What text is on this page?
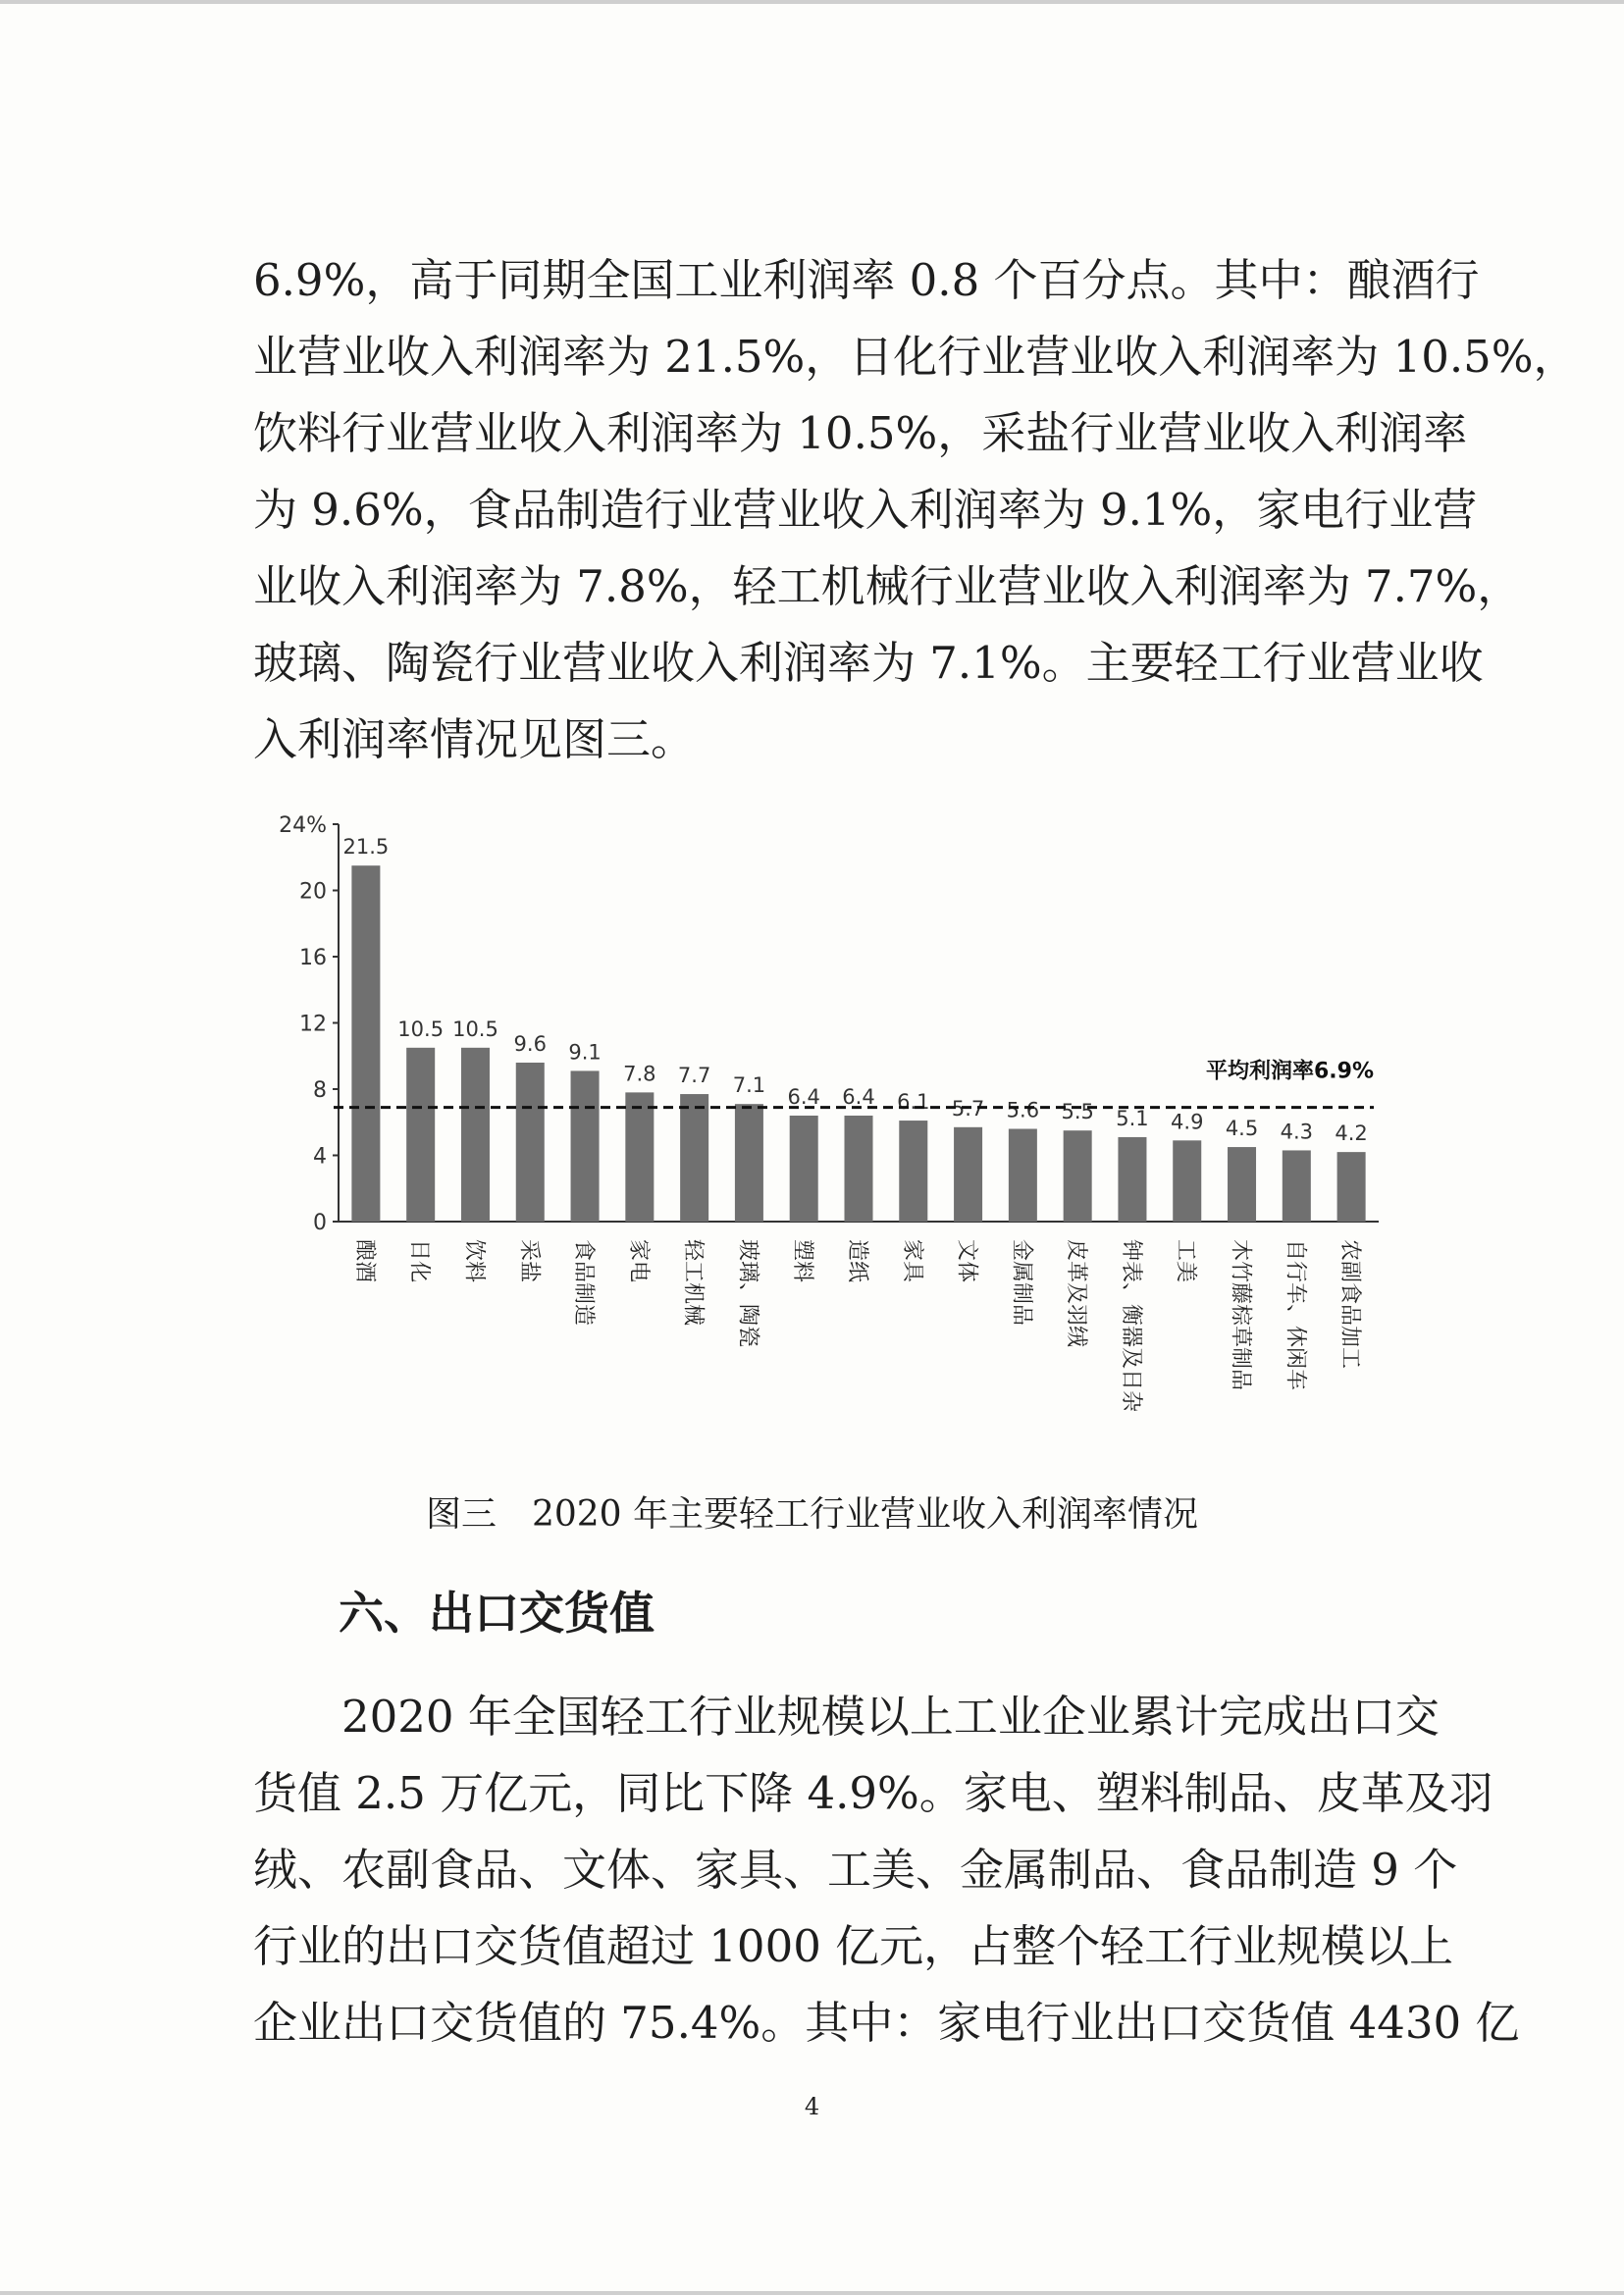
6.9%，高于同期全国工业利润率 0.8 个百分点。其中：酿酒行
业营业收入利润率为 21.5%，日化行业营业收入利润率为 10.5%，
饮料行业营业收入利润率为 10.5%，采盐行业营业收入利润率
为 9.6%，食品制造行业营业收入利润率为 9.1%，家电行业营
业收入利润率为 7.8%，轻工机械行业营业收入利润率为 7.7%，
玻璃、陶瓷行业营业收入利润率为 7.1%。主要轻工行业营业收
入利润率情况见图三。
0
4
8
12
16
20
24%
21.5
10.5 10.5
9.6 9.1
7.8 7.7 7.1 6.4 6.4 6.1 5.7 5.6 5.5 5.1 4.9 4.5 4.3 4.2
平均利润率6.9%
酿酒 日化 饮料 采盐 食品制造 家电 轻工机械 玻璃、陶瓷 塑料 造纸 家具 文体 金属制品 皮革及羽绒 钟表、衡器及日杂 工美 木竹藤棕草制品 自行车、休闲车 农副食品加工

图三　2020 年主要轻工行业营业收入利润率情况

六、出口交货值
2020 年全国轻工行业规模以上工业企业累计完成出口交
货值 2.5 万亿元，同比下降 4.9%。家电、塑料制品、皮革及羽
绒、农副食品、文体、家具、工美、金属制品、食品制造 9 个
行业的出口交货值超过 1000 亿元，占整个轻工行业规模以上
企业出口交货值的 75.4%。其中：家电行业出口交货值 4430 亿
4
